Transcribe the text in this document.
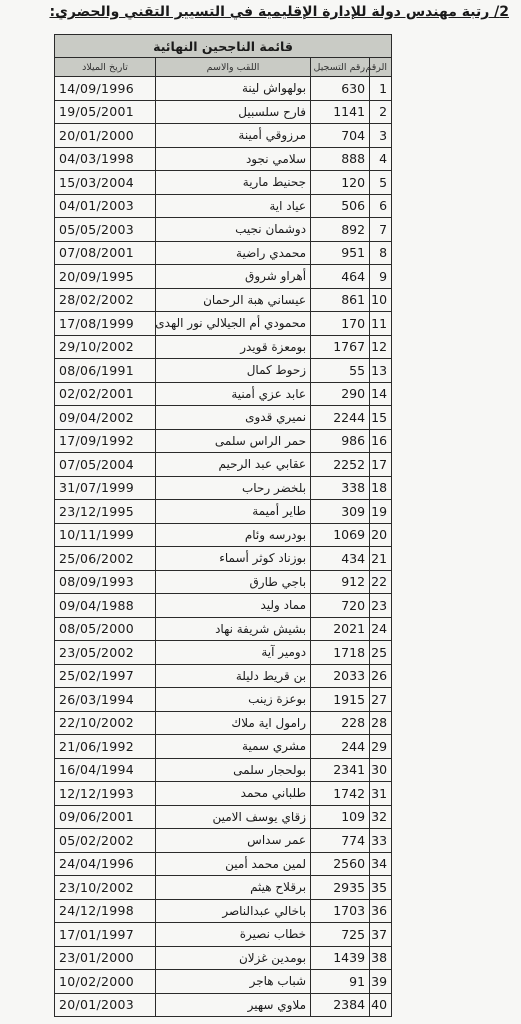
2/ رتبة مهندس دولة للإدارة الإقليمية في التسيير التقني والحضري:
قائمة الناجحين النهائية			
الرقم	رقم التسجيل	اللقب والاسم	تاريخ الميلاد
1	630	بولهواش لينة	14/09/1996
2	1141	فارح سلسبيل	19/05/2001
3	704	مرزوقي أمينة	20/01/2000
4	888	سلامي نجود	04/03/1998
5	120	جحنيط مارية	15/03/2004
6	506	عياد اية	04/01/2003
7	892	دوشمان نجيب	05/05/2003
8	951	محمدي راضية	07/08/2001
9	464	أهراو شروق	20/09/1995
10	861	عيساني هبة الرحمان	28/02/2002
11	170	محمودي أم الجيلالي نور الهدى	17/08/1999
12	1767	بومعزة قويدر	29/10/2002
13	55	زحوط كمال	08/06/1991
14	290	عابد عزي أمنية	02/02/2001
15	2244	نميري قدوى	09/04/2002
16	986	حمر الراس سلمى	17/09/1992
17	2252	عقابي عبد الرحيم	07/05/2004
18	338	بلخضر رحاب	31/07/1999
19	309	طاير أميمة	23/12/1995
20	1069	بودرسه وئام	10/11/1999
21	434	بوزناد كوثر أسماء	25/06/2002
22	912	باجي طارق	08/09/1993
23	720	مماد وليد	09/04/1988
24	2021	بشيش شريفة نهاد	08/05/2000
25	1718	دومير آية	23/05/2002
26	2033	بن قريط دليلة	25/02/1997
27	1915	بوعزة زينب	26/03/1994
28	228	رامول اية ملاك	22/10/2002
29	244	مشري سمية	21/06/1992
30	2341	بولحجار سلمى	16/04/1994
31	1742	طلباني محمد	12/12/1993
32	109	زقاي يوسف الامين	09/06/2001
33	774	عمر سداس	05/02/2002
34	2560	لمين محمد أمين	24/04/1996
35	2935	برقلاح هيثم	23/10/2002
36	1703	باخالي عبدالناصر	24/12/1998
37	725	خطاب نصيرة	17/01/1997
38	1439	بومدين غزلان	23/01/2000
39	91	شباب هاجر	10/02/2000
40	2384	ملاوي سهير	20/01/2003
